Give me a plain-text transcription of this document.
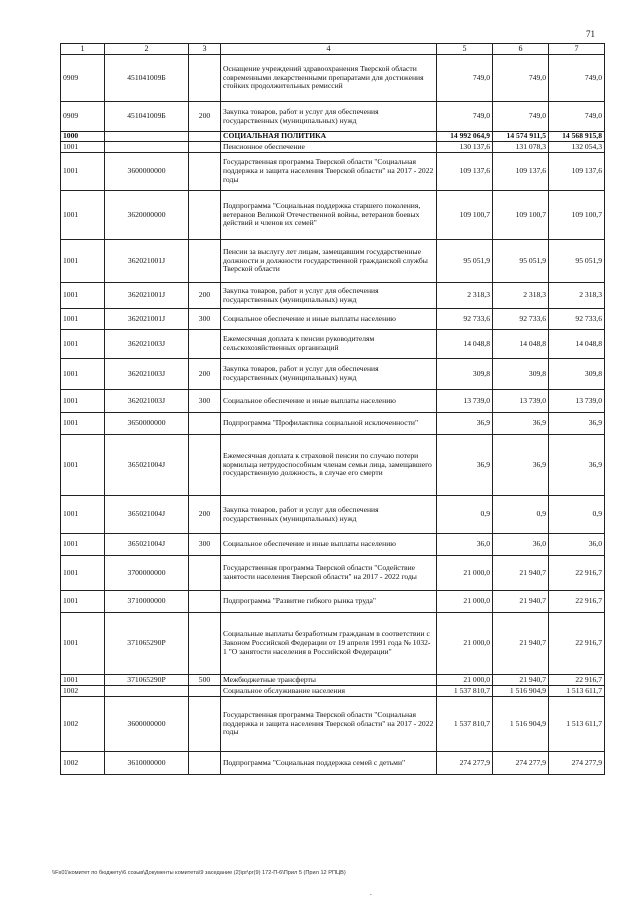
71
1	2	3	4	5	6	7
0909	451041009Б		Оснащение учреждений здравоохранения Тверской области современными лекарственными препаратами для достижения стойких продолжительных ремиссий	749,0	749,0	749,0
0909	451041009Б	200	Закупка товаров, работ и услуг для обеспечения государственных (муниципальных) нужд	749,0	749,0	749,0
1000			СОЦИАЛЬНАЯ ПОЛИТИКА	14 992 064,9	14 574 911,5	14 568 915,8
1001			Пенсионное обеспечение	130 137,6	131 078,3	132 054,3
1001	3600000000		Государственная программа Тверской области "Социальная поддержка и защита населения Тверской области" на 2017 - 2022 годы	109 137,6	109 137,6	109 137,6
1001	3620000000		Подпрограмма "Социальная поддержка старшего поколения, ветеранов Великой Отечественной войны, ветеранов боевых действий и членов их семей"	109 100,7	109 100,7	109 100,7
1001	362021001J		Пенсии за выслугу лет лицам, замещавшим государственные должности и должности государственной гражданской службы Тверской области	95 051,9	95 051,9	95 051,9
1001	362021001J	200	Закупка товаров, работ и услуг для обеспечения государственных (муниципальных) нужд	2 318,3	2 318,3	2 318,3
1001	362021001J	300	Социальное обеспечение и иные выплаты населению	92 733,6	92 733,6	92 733,6
1001	362021003J		Ежемесячная доплата к пенсии руководителям сельскохозяйственных организаций	14 048,8	14 048,8	14 048,8
1001	362021003J	200	Закупка товаров, работ и услуг для обеспечения государственных (муниципальных) нужд	309,8	309,8	309,8
1001	362021003J	300	Социальное обеспечение и иные выплаты населению	13 739,0	13 739,0	13 739,0
1001	3650000000		Подпрограмма "Профилактика социальной исключенности"	36,9	36,9	36,9
1001	365021004J		Ежемесячная доплата к страховой пенсии по случаю потери кормильца нетрудоспособным членам семьи лица, замещавшего государственную должность, в случае его смерти	36,9	36,9	36,9
1001	365021004J	200	Закупка товаров, работ и услуг для обеспечения государственных (муниципальных) нужд	0,9	0,9	0,9
1001	365021004J	300	Социальное обеспечение и иные выплаты населению	36,0	36,0	36,0
1001	3700000000		Государственная программа Тверской области "Содействие занятости населения Тверской области" на 2017 - 2022 годы	21 000,0	21 940,7	22 916,7
1001	3710000000		Подпрограмма "Развитие гибкого рынка труда"	21 000,0	21 940,7	22 916,7
1001	371065290P		Социальные выплаты безработным гражданам в соответствии с Законом Российской Федерации от 19 апреля 1991 года № 1032-1 "О занятости населения в Российской Федерации"	21 000,0	21 940,7	22 916,7
1001	371065290P	500	Межбюджетные трансферты	21 000,0	21 940,7	22 916,7
1002			Социальное обслуживание населения	1 537 810,7	1 516 904,9	1 513 611,7
1002	3600000000		Государственная программа Тверской области "Социальная поддержка и защита населения Тверской области" на 2017 - 2022 годы	1 537 810,7	1 516 904,9	1 513 611,7
1002	3610000000		Подпрограмма "Социальная поддержка семей с детьми"	274 277,9	274 277,9	274 277,9
\\Fs01\комитет по бюджету\6 созыв\Документы комитета\9 заседание (2)\pr\pr(9) 172-П-6\Прил 5 (Прил 12 РПЦВ)
.
